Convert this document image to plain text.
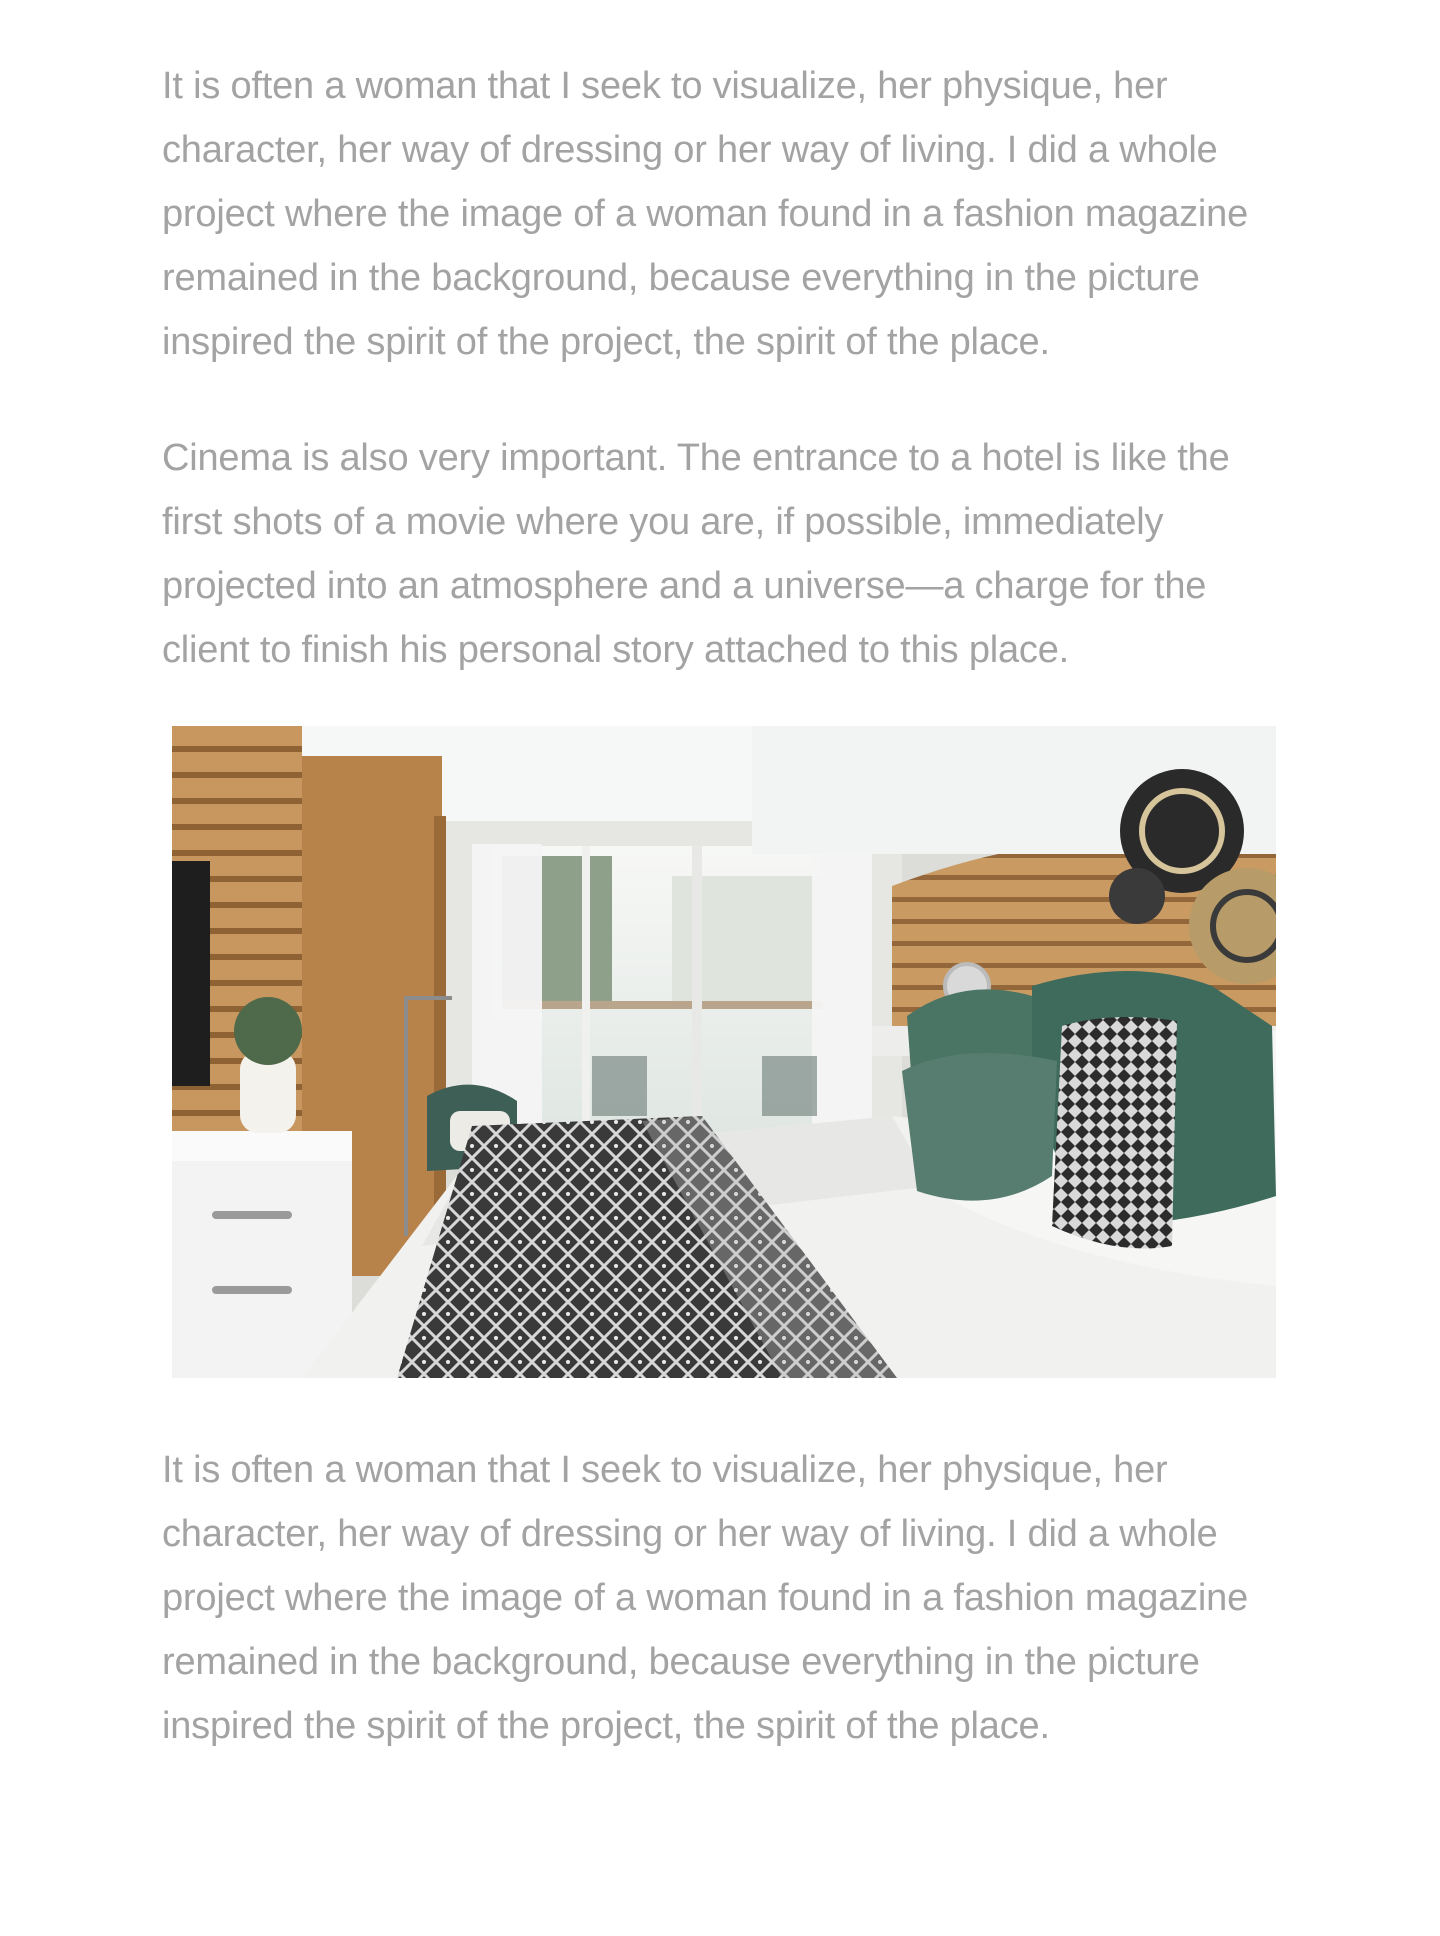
It is often a woman that I seek to visualize, her physique, her
character, her way of dressing or her way of living. I did a whole
project where the image of a woman found in a fashion magazine
remained in the background, because everything in the picture
inspired the spirit of the project, the spirit of the place.

Cinema is also very important. The entrance to a hotel is like the
first shots of a movie where you are, if possible, immediately
projected into an atmosphere and a universe—a charge for the
client to finish his personal story attached to this place.

It is often a woman that I seek to visualize, her physique, her
character, her way of dressing or her way of living. I did a whole
project where the image of a woman found in a fashion magazine
remained in the background, because everything in the picture
inspired the spirit of the project, the spirit of the place.
